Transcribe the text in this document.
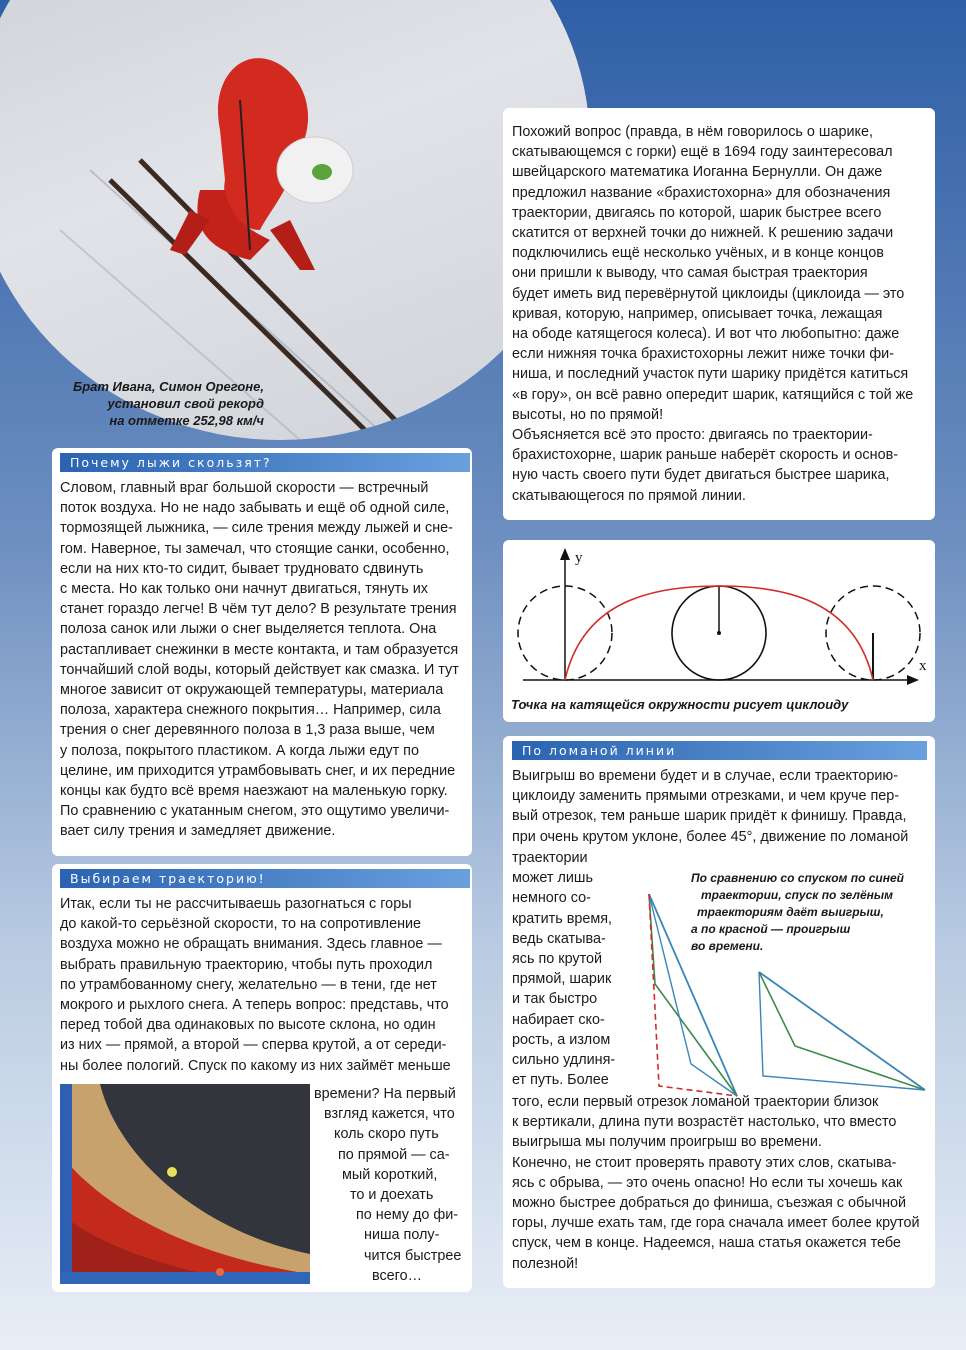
Брат Ивана, Симон Орегоне,
установил свой рекорд
на отметке 252,98 км/ч
Почему лыжи скользят?

Словом, главный враг большой скорости — встречный

поток воздуха. Но не надо забывать и ещё об одной силе,

тормозящей лыжника, — силе трения между лыжей и сне-

гом. Наверное, ты замечал, что стоящие санки, особенно,

если на них кто-то сидит, бывает трудновато сдвинуть

с места. Но как только они начнут двигаться, тянуть их

станет гораздо легче! В чём тут дело? В результате трения

полоза санок или лыжи о снег выделяется теплота. Она

растапливает снежинки в месте контакта, и там образуется

тончайший слой воды, который действует как смазка. И тут

многое зависит от окружающей температуры, материала

полоза, характера снежного покрытия… Например, сила

трения о снег деревянного полоза в 1,3 раза выше, чем

у полоза, покрытого пластиком. А когда лыжи едут по

целине, им приходится утрамбовывать снег, и их передние

концы как будто всё время наезжают на маленькую горку.

По сравнению с укатанным снегом, это ощутимо увеличи-

вает силу трения и замедляет движение.

Выбираем траекторию!

Итак, если ты не рассчитываешь разогнаться с горы

до какой-то серьёзной скорости, то на сопротивление

воздуха можно не обращать внимания. Здесь главное —

выбрать правильную траекторию, чтобы путь проходил

по утрамбованному снегу, желательно — в тени, где нет

мокрого и рыхлого снега. А теперь вопрос: представь, что

перед тобой два одинаковых по высоте склона, но один

из них — прямой, а второй — сперва крутой, а от середи-

ны более пологий. Спуск по какому из них займёт меньше

времени? На первый

взгляд кажется, что

коль скоро путь

по прямой — са-

мый короткий,

то и доехать

по нему до фи-

ниша полу-

чится быстрее

всего…

Похожий вопрос (правда, в нём говорилось о шарике,

скатывающемся с горки) ещё в 1694 году заинтересовал

швейцарского математика Иоганна Бернулли. Он даже

предложил название «брахистохорна» для обозначения

траектории, двигаясь по которой, шарик быстрее всего

скатится от верхней точки до нижней. К решению задачи

подключились ещё несколько учёных, и в конце концов

они пришли к выводу, что самая быстрая траектория

будет иметь вид перевёрнутой циклоиды (циклоида — это

кривая, которую, например, описывает точка, лежащая

на ободе катящегося колеса). И вот что любопытно: даже

если нижняя точка брахистохорны лежит ниже точки фи-

ниша, и последний участок пути шарику придётся катиться

«в гору», он всё равно опередит шарик, катящийся с той же

высоты, но по прямой!

Объясняется всё это просто: двигаясь по траектории-

брахистохорне, шарик раньше наберёт скорость и основ-

ную часть своего пути будет двигаться быстрее шарика,

скатывающегося по прямой линии.

y
x
Точка на катящейся окружности рисует циклоиду
По ломаной линии

Выигрыш во времени будет и в случае, если траекторию-

циклоиду заменить прямыми отрезками, и чем круче пер-

вый отрезок, тем раньше шарик придёт к финишу. Правда,

при очень крутом уклоне, более 45°, движение по ломаной

траектории

может лишь

немного со-

кратить время,

ведь скатыва-

ясь по крутой

прямой, шарик

и так быстро

набирает ско-

рость, а излом

сильно удлиня-

ет путь. Более

По сравнению со спуском по синей
траектории, спуск по зелёным
траекториям даёт выигрыш,
а по красной — проигрыш
во времени.

того, если первый отрезок ломаной траектории близок

к вертикали, длина пути возрастёт настолько, что вместо

выигрыша мы получим проигрыш во времени.

Конечно, не стоит проверять правоту этих слов, скатыва-

ясь с обрыва, — это очень опасно! Но если ты хочешь как

можно быстрее добраться до финиша, съезжая с обычной

горы, лучше ехать там, где гора сначала имеет более крутой

спуск, чем в конце. Надеемся, наша статья окажется тебе

полезной!
